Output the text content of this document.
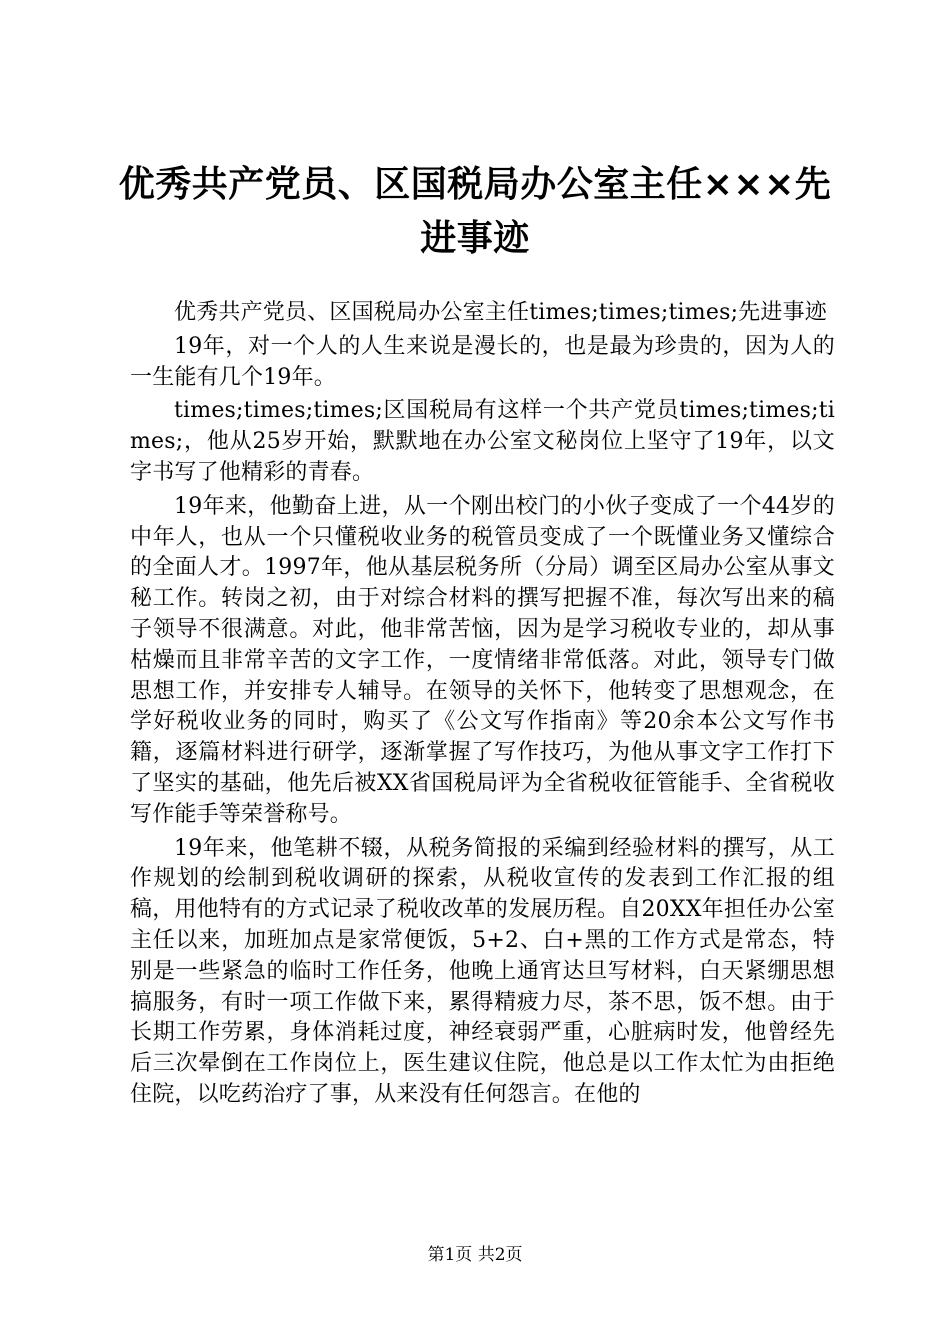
优秀共产党员、区国税局办公室主任×××先进事迹

优秀共产党员、区国税局办公室主任times;times;times;先进事迹

19年，对一个人的人生来说是漫长的，也是最为珍贵的，因为人的一生能有几个19年。

times;times;times;区国税局有这样一个共产党员times;times;times;，他从25岁开始，默默地在办公室文秘岗位上坚守了19年，以文字书写了他精彩的青春。

19年来，他勤奋上进，从一个刚出校门的小伙子变成了一个44岁的中年人，也从一个只懂税收业务的税管员变成了一个既懂业务又懂综合的全面人才。1997年，他从基层税务所（分局）调至区局办公室从事文秘工作。转岗之初，由于对综合材料的撰写把握不准，每次写出来的稿子领导不很满意。对此，他非常苦恼，因为是学习税收专业的，却从事枯燥而且非常辛苦的文字工作，一度情绪非常低落。对此，领导专门做思想工作，并安排专人辅导。在领导的关怀下，他转变了思想观念，在学好税收业务的同时，购买了《公文写作指南》等20余本公文写作书籍，逐篇材料进行研学，逐渐掌握了写作技巧，为他从事文字工作打下了坚实的基础，他先后被XX省国税局评为全省税收征管能手、全省税收写作能手等荣誉称号。

19年来，他笔耕不辍，从税务简报的采编到经验材料的撰写，从工作规划的绘制到税收调研的探索，从税收宣传的发表到工作汇报的组稿，用他特有的方式记录了税收改革的发展历程。自20XX年担任办公室主任以来，加班加点是家常便饭，5+2、白+黑的工作方式是常态，特别是一些紧急的临时工作任务，他晚上通宵达旦写材料，白天紧绷思想搞服务，有时一项工作做下来，累得精疲力尽，茶不思，饭不想。由于长期工作劳累，身体消耗过度，神经衰弱严重，心脏病时发，他曾经先后三次晕倒在工作岗位上，医生建议住院，他总是以工作太忙为由拒绝住院，以吃药治疗了事，从来没有任何怨言。在他的

第1页 共2页
